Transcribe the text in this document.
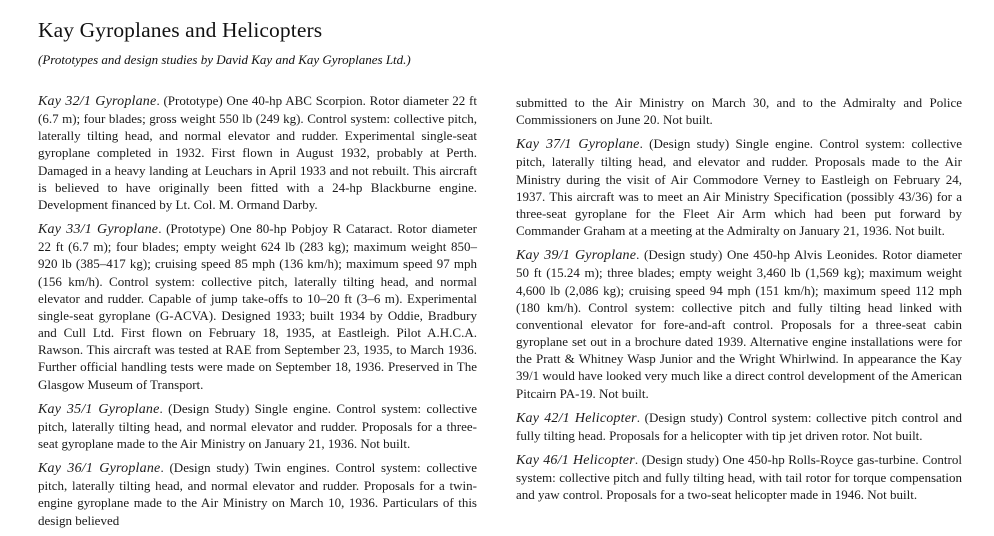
Kay Gyroplanes and Helicopters

(Prototypes and design studies by David Kay and Kay Gyroplanes Ltd.)

Kay 32/1 Gyroplane. (Prototype) One 40-hp ABC Scorpion. Rotor diameter 22 ft (6.7 m); four blades; gross weight 550 lb (249 kg). Control system: collective pitch, laterally tilting head, and normal elevator and rudder. Experimental single-seat gyroplane completed in 1932. First flown in August 1932, probably at Perth. Damaged in a heavy landing at Leuchars in April 1933 and not rebuilt. This aircraft is believed to have originally been fitted with a 24-hp Blackburne engine. Development financed by Lt. Col. M. Ormand Darby.

Kay 33/1 Gyroplane. (Prototype) One 80-hp Pobjoy R Cataract. Rotor diameter 22 ft (6.7 m); four blades; empty weight 624 lb (283 kg); maximum weight 850–920 lb (385–417 kg); cruising speed 85 mph (136 km/h); maximum speed 97 mph (156 km/h). Control system: collective pitch, laterally tilting head, and normal elevator and rudder. Capable of jump take-offs to 10–20 ft (3–6 m). Experimental single-seat gyroplane (G-ACVA). Designed 1933; built 1934 by Oddie, Bradbury and Cull Ltd. First flown on February 18, 1935, at Eastleigh. Pilot A.H.C.A. Rawson. This aircraft was tested at RAE from September 23, 1935, to March 1936. Further official handling tests were made on September 18, 1936. Preserved in The Glasgow Museum of Transport.

Kay 35/1 Gyroplane. (Design Study) Single engine. Control system: collective pitch, laterally tilting head, and normal elevator and rudder. Proposals for a three-seat gyroplane made to the Air Ministry on January 21, 1936. Not built.

Kay 36/1 Gyroplane. (Design study) Twin engines. Control system: collective pitch, laterally tilting head, and normal elevator and rudder. Proposals for a twin-engine gyroplane made to the Air Ministry on March 10, 1936. Particulars of this design believed

submitted to the Air Ministry on March 30, and to the Admiralty and Police Commissioners on June 20. Not built.

Kay 37/1 Gyroplane. (Design study) Single engine. Control system: collective pitch, laterally tilting head, and elevator and rudder. Proposals made to the Air Ministry during the visit of Air Commodore Verney to Eastleigh on February 24, 1937. This aircraft was to meet an Air Ministry Specification (possibly 43/36) for a three-seat gyroplane for the Fleet Air Arm which had been put forward by Commander Graham at a meeting at the Admiralty on January 21, 1936. Not built.

Kay 39/1 Gyroplane. (Design study) One 450-hp Alvis Leonides. Rotor diameter 50 ft (15.24 m); three blades; empty weight 3,460 lb (1,569 kg); maximum weight 4,600 lb (2,086 kg); cruising speed 94 mph (151 km/h); maximum speed 112 mph (180 km/h). Control system: collective pitch and fully tilting head linked with conventional elevator for fore-and-aft control. Proposals for a three-seat cabin gyroplane set out in a brochure dated 1939. Alternative engine installations were for the Pratt & Whitney Wasp Junior and the Wright Whirlwind. In appearance the Kay 39/1 would have looked very much like a direct control development of the American Pitcairn PA-19. Not built.

Kay 42/1 Helicopter. (Design study) Control system: collective pitch control and fully tilting head. Proposals for a helicopter with tip jet driven rotor. Not built.

Kay 46/1 Helicopter. (Design study) One 450-hp Rolls-Royce gas-turbine. Control system: collective pitch and fully tilting head, with tail rotor for torque compensation and yaw control. Proposals for a two-seat helicopter made in 1946. Not built.
